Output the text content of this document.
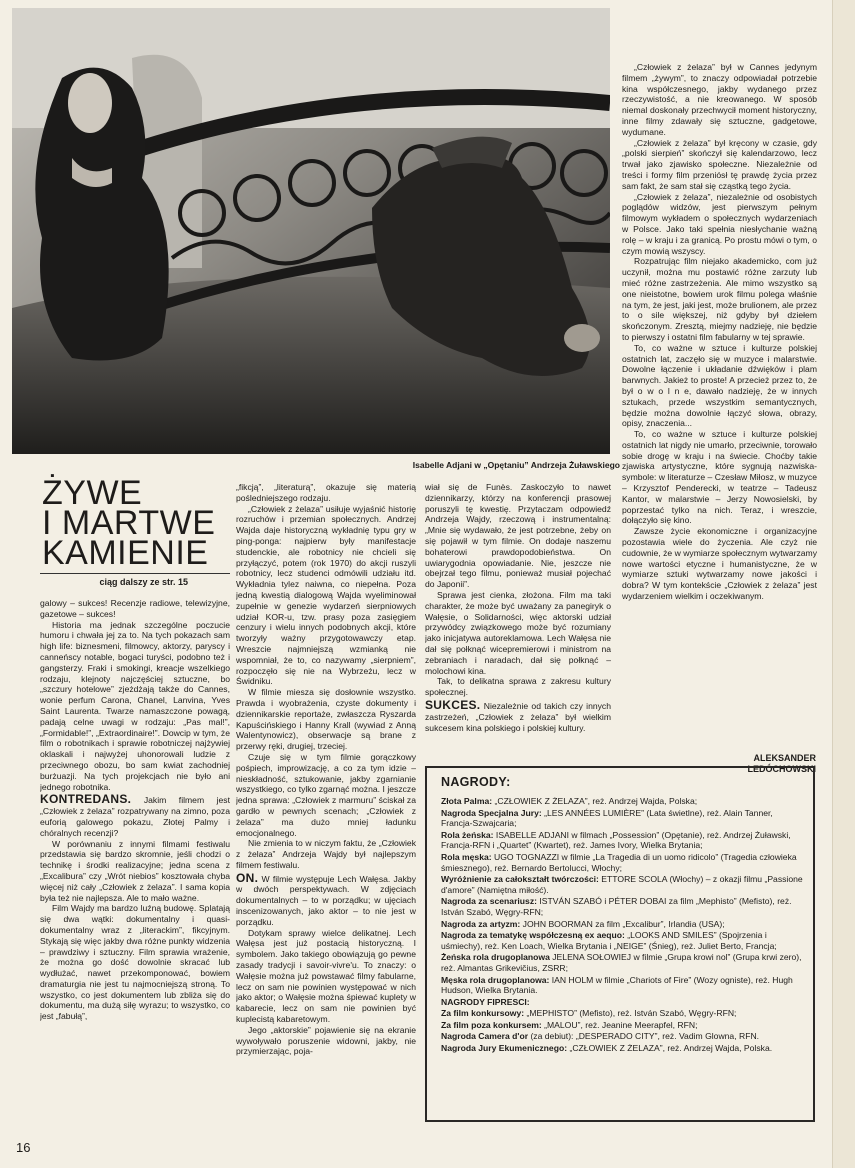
Isabelle Adjani w „Opętaniu” Andrzeja Żuławskiego
ŻYWE
I MARTWE
KAMIENIE
ciąg dalszy ze str. 15

galowy – sukces! Recenzje radiowe, telewizyjne, gazetowe – sukces!

Historia ma jednak szczególne poczucie humoru i chwała jej za to. Na tych pokazach sam high life: biznesmeni, filmowcy, aktorzy, paryscy i canneńscy notable, bogaci turyści, podobno też i gangsterzy. Fraki i smokingi, kreacje wszelkiego rodzaju, klejnoty najczęściej sztuczne, bo „szczury hotelowe” zjeżdżają także do Cannes, wonie perfum Carona, Chanel, Lanvina, Yves Saint Laurenta. Twarze namaszczone powagą, padają celne uwagi w rodzaju: „Pas mal!”, „Formidable!”, „Extraordinaire!”. Dowcip w tym, że film o robotnikach i sprawie robotniczej najżywiej oklaskali i najwyżej uhonorowali ludzie z przeciwnego obozu, bo sam kwiat zachodniej burżuazji. Na tych projekcjach nie było ani jednego robotnika.

KONTREDANS. Jakim filmem jest „Człowiek z żelaza” rozpatrywany na zimno, poza euforią galowego pokazu, Złotej Palmy i chóralnych recenzji?

W porównaniu z innymi filmami festiwalu przedstawia się bardzo skromnie, jeśli chodzi o technikę i środki realizacyjne; jedna scena z „Excalibura” czy „Wrót niebios” kosztowała chyba więcej niż cały „Człowiek z żelaza”. I sama kopia była też nie najlepsza. Ale to mało ważne.

Film Wajdy ma bardzo luźną budowę. Splatają się dwa wątki: dokumentalny i quasi-dokumentalny wraz z „literackim”, fikcyjnym. Stykają się więc jakby dwa różne punkty widzenia – prawdziwy i sztuczny. Film sprawia wrażenie, że można go dość dowolnie skracać lub wydłużać, nawet przekomponować, bowiem dramaturgia nie jest tu najmocniejszą stroną. To wszystko, co jest dokumentem lub zbliża się do dokumentu, ma dużą siłę wyrazu; to wszystko, co jest „fabułą”,

„fikcją”, „literaturą”, okazuje się materią pośledniejszego rodzaju.

„Człowiek z żelaza” usiłuje wyjaśnić historię rozruchów i przemian społecznych. Andrzej Wajda daje historyczną wykładnię typu gry w ping-ponga: najpierw były manifestacje studenckie, ale robotnicy nie chcieli się przyłączyć, potem (rok 1970) do akcji ruszyli robotnicy, lecz studenci odmówili udziału itd. Wykładnia tylez naiwna, co niepełna. Poza jedną kwestią dialogową Wajda wyeliminował zupełnie w genezie wydarzeń sierpniowych udział KOR-u, tzw. prasy poza zasięgiem cenzury i wielu innych podobnych akcji, które tworzyły ważny przygotowawczy etap. Wreszcie najmniejszą wzmianką nie wspomniał, że to, co nazywamy „sierpniem”, rozpoczęło się nie na Wybrzeżu, lecz w Świdniku.

W filmie miesza się dosłownie wszystko. Prawda i wyobrażenia, czyste dokumenty i dziennikarskie reportaże, zwłaszcza Ryszarda Kapuścińskiego i Hanny Krall (wywiad z Anną Walentynowicz), obserwacje są brane z przerwy ręki, drugiej, trzeciej.

Czuje się w tym filmie gorączkowy pośpiech, improwizację, a co za tym idzie – nieskładność, sztukowanie, jakby zgarnianie wszystkiego, co tylko zgarnąć można. I jeszcze jedna sprawa: „Człowiek z marmuru” ściskał za gardło w pewnych scenach; „Człowiek z żelaza” ma dużo mniej ładunku emocjonalnego.

Nie zmienia to w niczym faktu, że „Człowiek z żelaza” Andrzeja Wajdy był najlepszym filmem festiwalu.

ON. W filmie występuje Lech Wałęsa. Jakby w dwóch perspektywach. W zdjęciach dokumentalnych – to w porządku; w ujęciach inscenizowanych, jako aktor – to nie jest w porządku.

Dotykam sprawy wielce delikatnej. Lech Wałęsa jest już postacią historyczną. I symbolem. Jako takiego obowiązują go pewne zasady tradycji i savoir-vivre'u. To znaczy: o Wałęsie można już powstawać filmy fabularne, lecz on sam nie powinien występować w nich jako aktor; o Wałęsie można śpiewać kuplety w kabarecie, lecz on sam nie powinien być kuplecistą kabaretowym.

Jego „aktorskie” pojawienie się na ekranie wywoływało poruszenie widowni, jakby, nie przymierzając, poja-

wiał się de Funès. Zaskoczyło to nawet dziennikarzy, którzy na konferencji prasowej poruszyli tę kwestię. Przytaczam odpowiedź Andrzeja Wajdy, rzeczową i instrumentalną: „Mnie się wydawało, że jest potrzebne, żeby on się pojawił w tym filmie. On dodaje naszemu bohaterowi prawdopodobieństwa. On uwiarygodnia opowiadanie. Nie, jeszcze nie obejrzał tego filmu, ponieważ musiał pojechać do Japonii”.

Sprawa jest cienka, złożona. Film ma taki charakter, że może być uważany za panegiryk o Wałęsie, o Solidarności, więc aktorski udział przywódcy związkowego może być rozumiany jako inicjatywa autoreklamowa. Lech Wałęsa nie dał się połknąć wicepremierowi i ministrom na zebraniach i naradach, dał się połknąć – molochowi kina.

Tak, to delikatna sprawa z zakresu kultury społecznej.

SUKCES. Niezależnie od takich czy innych zastrzeżeń, „Człowiek z żelaza” był wielkim sukcesem kina polskiego i polskiej kultury.

„Człowiek z żelaza” był w Cannes jedynym filmem „żywym”, to znaczy odpowiadał potrzebie kina współczesnego, jakby wydanego przez rzeczywistość, a nie kreowanego. W sposób niemal doskonały przechwycił moment historyczny, inne filmy zdawały się sztuczne, gadgetowe, wydumane.

„Człowiek z żelaza” był kręcony w czasie, gdy „polski sierpień” skończył się kalendarzowo, lecz trwał jako zjawisko społeczne. Niezależnie od treści i formy film przeniósł tę prawdę życia przez sam fakt, że sam stał się cząstką tego życia.

„Człowiek z żelaza”, niezależnie od osobistych poglądów widzów, jest pierwszym pełnym filmowym wykładem o społecznych wydarzeniach w Polsce. Jako taki spełnia niesłychanie ważną rolę – w kraju i za granicą. Po prostu mówi o tym, o czym mowią wszyscy.

Rozpatrując film niejako akademicko, com już uczynił, można mu postawić różne zarzuty lub mieć różne zastrzeżenia. Ale mimo wszystko są one nieistotne, bowiem urok filmu polega właśnie na tym, że jest, jaki jest, może brulionem, ale przez to o sile większej, niż gdyby był dziełem skończonym. Zresztą, miejmy nadzieję, nie będzie to pierwszy i ostatni film fabularny w tej sprawie.

To, co ważne w sztuce i kulturze polskiej ostatnich lat, zaczęło się w muzyce i malarstwie. Dowolne łączenie i układanie dźwięków i plam barwnych. Jakież to proste! A przecież przez to, że był o w o l n e, dawało nadzieję, że w innych sztukach, przede wszystkim semantycznych, będzie można dowolnie łączyć słowa, obrazy, opisy, znaczenia...

To, co ważne w sztuce i kulturze polskiej ostatnich lat nigdy nie umarło, przeciwnie, torowało sobie drogę w kraju i na świecie. Choćby takie zjawiska artystyczne, które sygnują nazwiska-symbole: w literaturze – Czesław Miłosz, w muzyce – Krzysztof Penderecki, w teatrze – Tadeusz Kantor, w malarstwie – Jerzy Nowosielski, by poprzestać tylko na nich. Teraz, i wreszcie, dołączyło się kino.

Zawsze życie ekonomiczne i organizacyjne pozostawia wiele do życzenia. Ale czyż nie cudownie, że w wymiarze społecznym wytwarzamy nowe wartości etyczne i humanistyczne, że w wymiarze sztuki wytwarzamy nowe jakości i dobra? W tym kontekście „Człowiek z żelaza” jest wydarzeniem wielkim i oczekiwanym.

ALEKSANDER
LEDÓCHOWSKI
NAGRODY:
Złota Palma: „CZŁOWIEK Z ŻELAZA”, reż. Andrzej Wajda, Polska;
Nagroda Specjalna Jury: „LES ANNÉES LUMIÈRE” (Lata świetlne), reż. Alain Tanner, Francja-Szwajcaria;
Rola żeńska: ISABELLE ADJANI w filmach „Possession” (Opętanie), reż. Andrzej Żuławski, Francja-RFN i „Quartet” (Kwartet), reż. James Ivory, Wielka Brytania;
Rola męska: UGO TOGNAZZI w filmie „La Tragedia di un uomo ridicolo” (Tragedia człowieka śmiesznego), reż. Bernardo Bertolucci, Włochy;
Wyróżnienie za całokształt twórczości: ETTORE SCOLA (Włochy) – z okazji filmu „Passione d'amore” (Namiętna miłość).
Nagroda za scenariusz: ISTVÁN SZABÓ i PÉTER DOBAI za film „Mephisto” (Mefisto), reż. István Szabó, Węgry-RFN;
Nagroda za artyzm: JOHN BOORMAN za film „Excalibur”, Irlandia (USA);
Nagroda za tematykę współczesną ex aequo: „LOOKS AND SMILES” (Spojrzenia i uśmiechy), reż. Ken Loach, Wielka Brytania i „NEIGE” (Śnieg), reż. Juliet Berto, Francja;
Żeńska rola drugoplanowa JELENA SOŁOWIEJ w filmie „Grupa krowi nol” (Grupa krwi zero), reż. Almantas Grikevičius, ZSRR;
Męska rola drugoplanowa: IAN HOLM w filmie „Chariots of Fire” (Wozy ogniste), reż. Hugh Hudson, Wielka Brytania.
NAGRODY FIPRESCI:
Za film konkursowy: „MEPHISTO” (Mefisto), reż. István Szabó, Węgry-RFN;
Za film poza konkursem: „MALOU”, reż. Jeanine Meerapfel, RFN;
Nagroda Camera d'or (za debiut): „DESPERADO CITY”, reż. Vadim Glowna, RFN.
Nagroda Jury Ekumenicznego: „CZŁOWIEK Z ŻELAZA”, reż. Andrzej Wajda, Polska.
16
